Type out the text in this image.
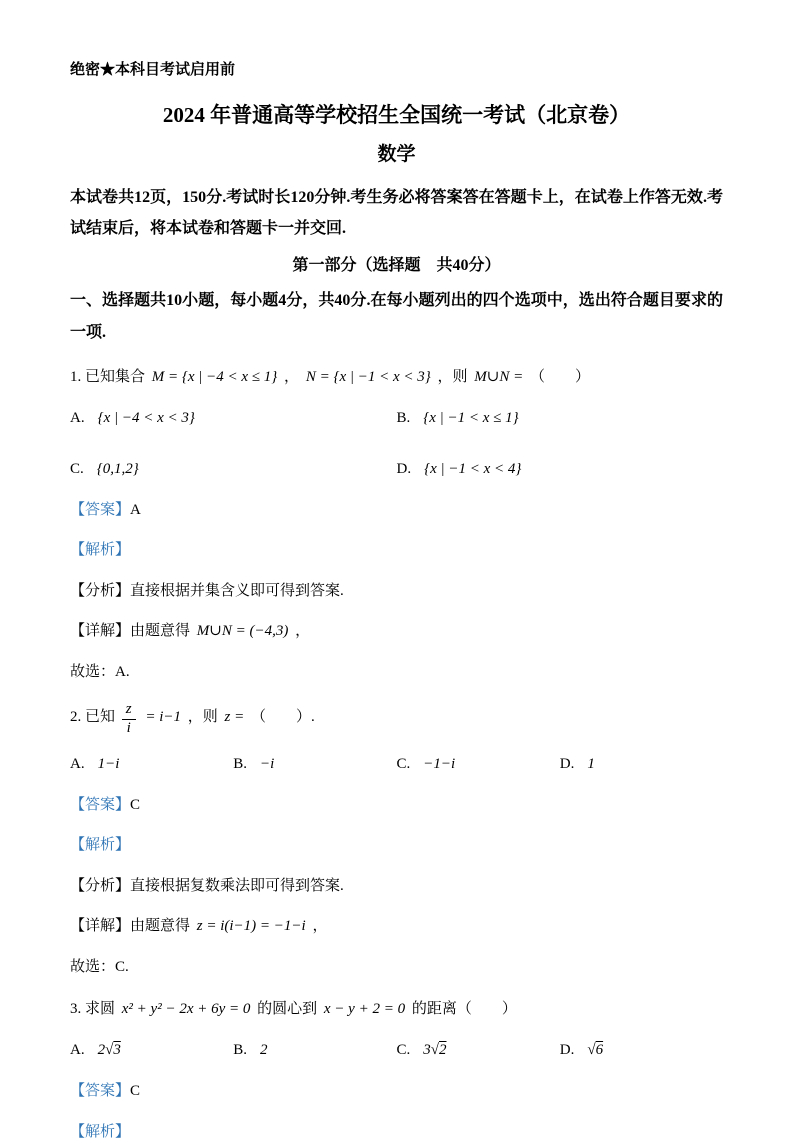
绝密★本科目考试启用前

2024 年普通高等学校招生全国统一考试（北京卷）

数学

本试卷共12页，150分.考试时长120分钟.考生务必将答案答在答题卡上，在试卷上作答无效.考试结束后，将本试卷和答题卡一并交回.

第一部分（选择题　共40分）

一、选择题共10小题，每小题4分，共40分.在每小题列出的四个选项中，选出符合题目要求的一项.

1. 已知集合 M = {x | −4 < x ≤ 1} ， N = {x | −1 < x < 3} ，则 M∪N = （　　）

A. {x | −4 < x < 3}	B. {x | −1 < x ≤ 1}

C. {0,1,2}	D. {x | −1 < x < 4}

【答案】A

【解析】

【分析】直接根据并集含义即可得到答案.

【详解】由题意得 M∪N = (−4,3) ，

故选：A.

2. 已知 $\frac{z}{i} = i-1$ ，则 z = （　　）.

A. 1−i	B. −i	C. −1−i	D. 1

【答案】C

【解析】

【分析】直接根据复数乘法即可得到答案.

【详解】由题意得 z = i(i−1) = −1−i ，

故选：C.

3. 求圆 x² + y² − 2x + 6y = 0 的圆心到 x − y + 2 = 0 的距离（　　）

A. 2√3	B. 2	C. 3√2	D. √6

【答案】C

【解析】
